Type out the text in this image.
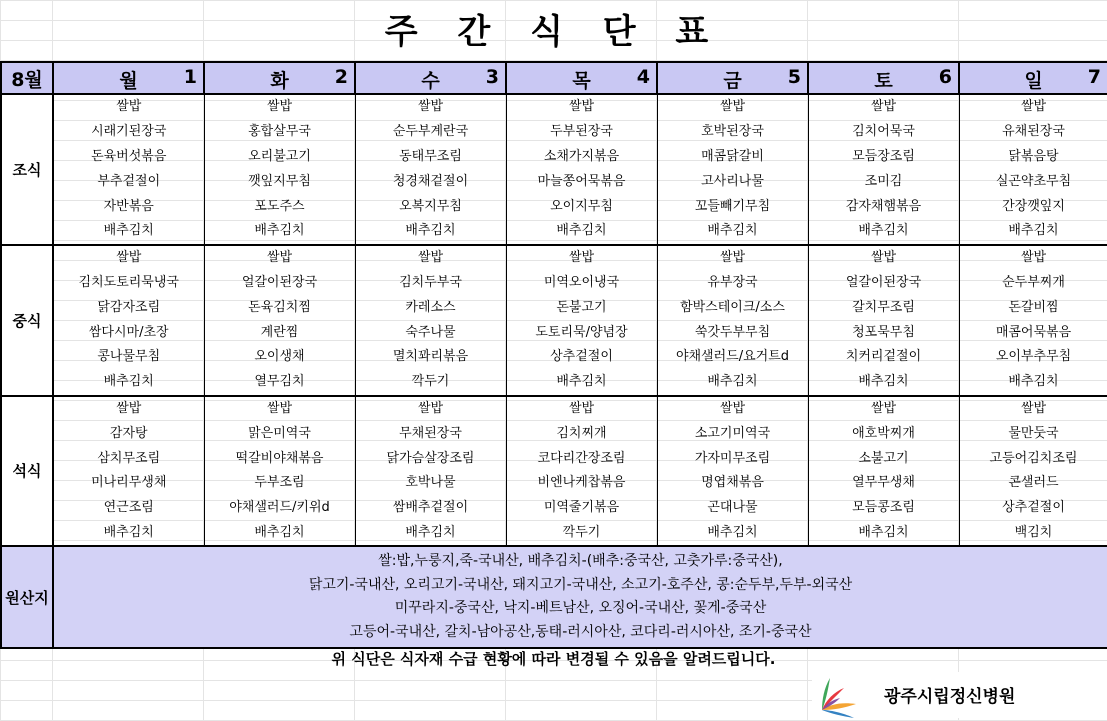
주 간 식 단 표
8월	월 1	화 2	수 3	목 4	금 5	토 6	일 7

조식	쌀밥	쌀밥	쌀밥	쌀밥	쌀밥	쌀밥	쌀밥

	시래기된장국	홍합살무국	순두부계란국	두부된장국	호박된장국	김치어묵국	유채된장국

	돈육버섯볶음	오리불고기	동태무조림	소채가지볶음	매콤닭갈비	모듬장조림	닭볶음탕

	부추겉절이	깻잎지무침	청경채겉절이	마늘쫑어묵볶음	고사리나물	조미김	실곤약초무침

	자반볶음	포도주스	오복지무침	오이지무침	꼬들빼기무침	감자채햄볶음	간장깻잎지

	배추김치	배추김치	배추김치	배추김치	배추김치	배추김치	배추김치

중식	쌀밥	쌀밥	쌀밥	쌀밥	쌀밥	쌀밥	쌀밥

	김치도토리묵냉국	얼갈이된장국	김치두부국	미역오이냉국	유부장국	얼갈이된장국	순두부찌개

	닭감자조림	돈육김치찜	카레소스	돈불고기	함박스테이크/소스	갈치무조림	돈갈비찜

	쌈다시마/초장	계란찜	숙주나물	도토리묵/양념장	쑥갓두부무침	청포묵무침	매콤어묵볶음

	콩나물무침	오이생채	멸치꽈리볶음	상추겉절이	야채샐러드/요거트d	치커리겉절이	오이부추무침

	배추김치	열무김치	깍두기	배추김치	배추김치	배추김치	배추김치

석식	쌀밥	쌀밥	쌀밥	쌀밥	쌀밥	쌀밥	쌀밥

	감자탕	맑은미역국	무채된장국	김치찌개	소고기미역국	애호박찌개	물만둣국

	삼치무조림	떡갈비야채볶음	닭가슴살장조림	코다리간장조림	가자미무조림	소불고기	고등어김치조림

	미나리무생채	두부조림	호박나물	비엔나케찹볶음	명엽채볶음	열무무생채	콘샐러드

	연근조림	야채샐러드/키위d	쌈배추겉절이	미역줄기볶음	곤대나물	모듬콩조림	상추겉절이

	배추김치	배추김치	배추김치	깍두기	배추김치	배추김치	백김치

원산지	쌀:밥,누룽지,죽-국내산, 배추김치-(배추:중국산, 고춧가루:중국산),
닭고기-국내산, 오리고기-국내산, 돼지고기-국내산, 소고기-호주산, 콩:순두부,두부-외국산
미꾸라지-중국산, 낙지-베트남산, 오징어-국내산, 꽃게-중국산
고등어-국내산, 갈치-남아공산,동태-러시아산, 코다리-러시아산, 조기-중국산						
위 식단은 식자재 수급 현황에 따라 변경될 수 있음을 알려드립니다.
광주시립정신병원
